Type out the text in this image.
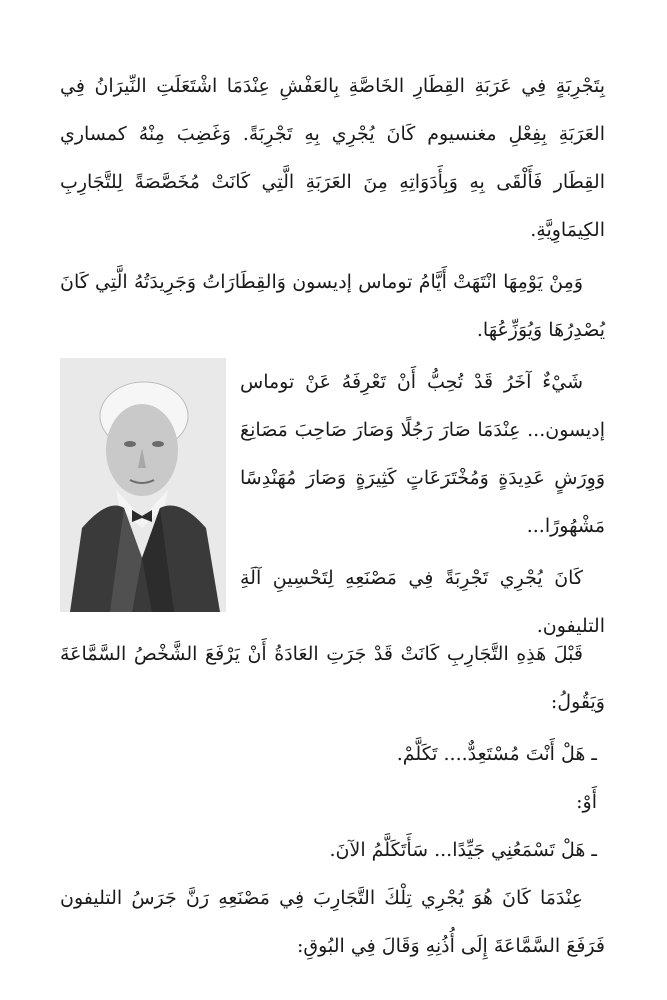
بِتَجْرِبَةٍ فِي عَرَبَةِ القِطَارِ الخَاصَّةِ بِالعَفْشِ عِنْدَمَا اشْتَعَلَتِ النِّيرَانُ فِي العَرَبَةِ بِفِعْلِ مغنسيوم كَانَ يُجْرِي بِهِ تَجْرِبَةً. وَغَضِبَ مِنْهُ كمساري القِطَار فَأَلْقَى بِهِ وَبِأَدَوَاتِهِ مِنَ العَرَبَةِ الَّتِي كَانَتْ مُخَصَّصَةً لِلتَّجَارِبِ الكِيمَاوِيَّةِ.

وَمِنْ يَوْمِهَا انْتَهَتْ أَيَّامُ توماس إديسون وَالقِطَارَاتُ وَجَرِيدَتُهُ الَّتِي كَانَ يُصْدِرُهَا وَيُوَزِّعُهَا.

شَيْءٌ آخَرُ قَدْ تُحِبُّ أَنْ تَعْرِفَهُ عَنْ توماس إديسون... عِنْدَمَا صَارَ رَجُلًا وَصَارَ صَاحِبَ مَصَانِعَ وَوِرَشٍ عَدِيدَةٍ وَمُخْتَرَعَاتٍ كَثِيرَةٍ وَصَارَ مُهَنْدِسًا مَشْهُورًا...

كَانَ يُجْرِي تَجْرِبَةً فِي مَصْنَعِهِ لِتَحْسِينِ آلَةِ التليفون.

قَبْلَ هَذِهِ التَّجَارِبِ كَانَتْ قَدْ جَرَتِ العَادَةُ أَنْ يَرْفَعَ الشَّخْصُ السَّمَّاعَةَ وَيَقُولُ:

ـ هَلْ أَنْتَ مُسْتَعِدٌّ.... تَكَلَّمْ.

أَوْ:

ـ هَلْ تَسْمَعُنِي جَيِّدًا... سَأَتَكَلَّمُ الآنَ.

عِنْدَمَا كَانَ هُوَ يُجْرِي تِلْكَ التَّجَارِبَ فِي مَصْنَعِهِ رَنَّ جَرَسُ التليفون فَرَفَعَ السَّمَّاعَةَ إِلَى أُذُنِهِ وَقَالَ فِي البُوقِ:
